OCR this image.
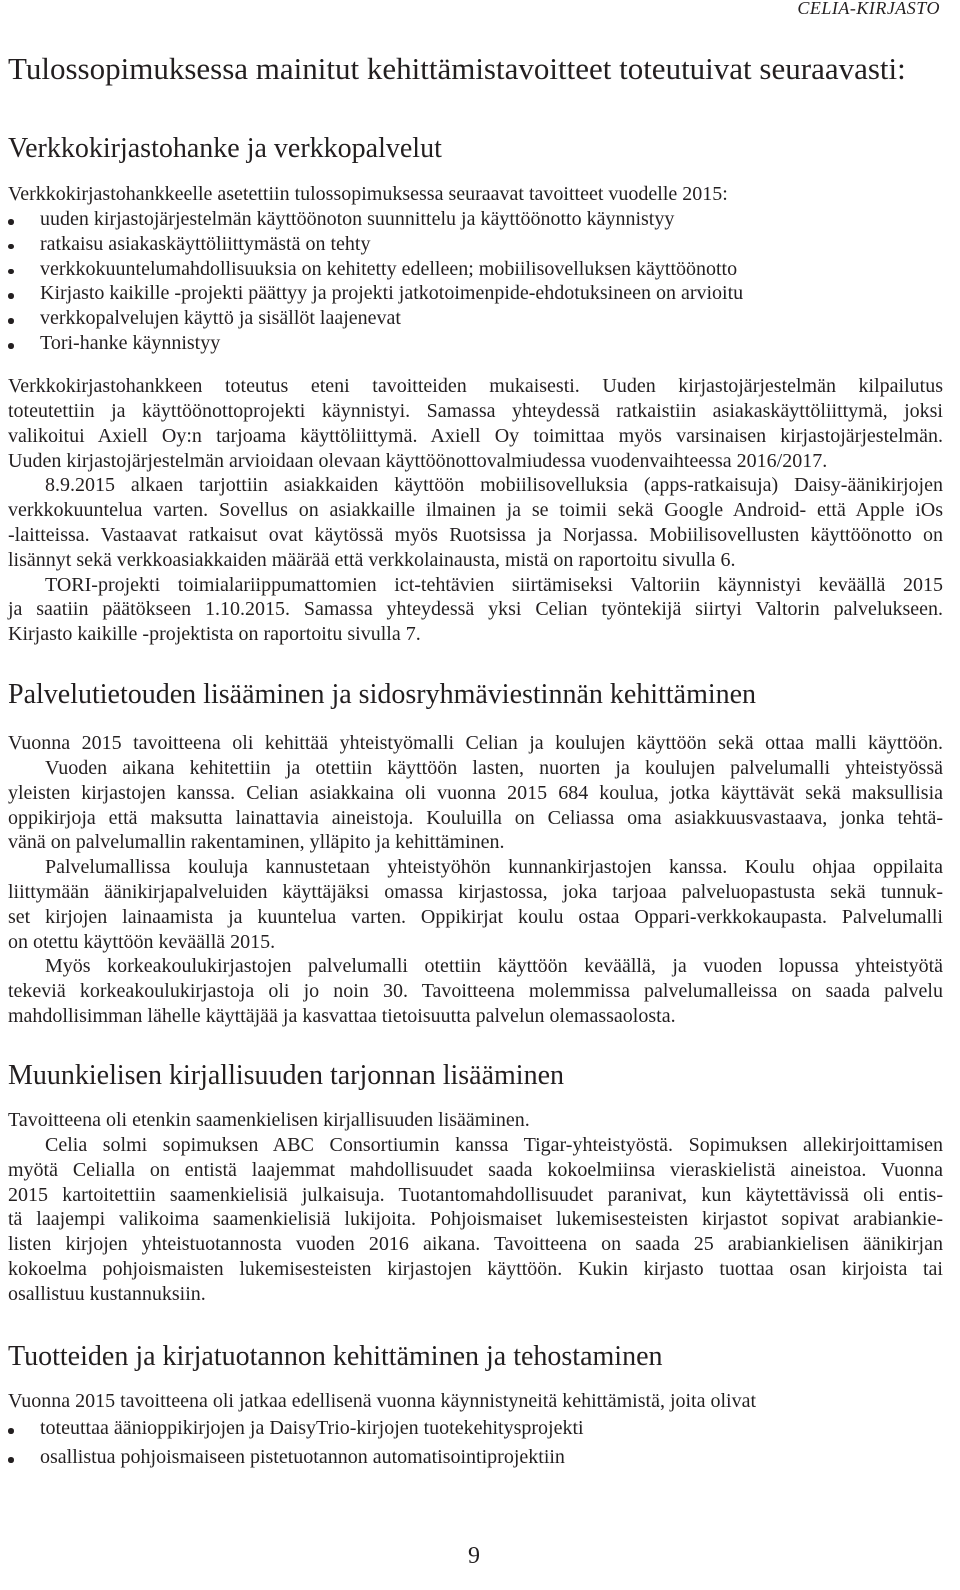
CELIA-KIRJASTO
Tulossopimuksessa mainitut kehittämistavoitteet toteutuivat seuraavasti:
Verkkokirjastohanke ja verkkopalvelut
Verkkokirjastohankkeelle asetettiin tulossopimuksessa seuraavat tavoitteet vuodelle 2015:
uuden kirjastojärjestelmän käyttöönoton suunnittelu ja käyttöönotto käynnistyy
ratkaisu asiakaskäyttöliittymästä on tehty
verkkokuuntelumahdollisuuksia on kehitetty edelleen; mobiilisovelluksen käyttöönotto
Kirjasto kaikille -projekti päättyy ja projekti jatkotoimenpide-ehdotuksineen on arvioitu
verkkopalvelujen käyttö ja sisällöt laajenevat
Tori-hanke käynnistyy
Verkkokirjastohankkeen toteutus eteni tavoitteiden mukaisesti. Uuden kirjastojärjestelmän kilpailutus
toteutettiin ja käyttöönottoprojekti käynnistyi. Samassa yhteydessä ratkaistiin asiakaskäyttöliittymä, joksi
valikoitui Axiell Oy:n tarjoama käyttöliittymä. Axiell Oy toimittaa myös varsinaisen kirjastojärjestelmän.
Uuden kirjastojärjestelmän arvioidaan olevaan käyttöönottovalmiudessa vuodenvaihteessa 2016/2017.
8.9.2015 alkaen tarjottiin asiakkaiden käyttöön mobiilisovelluksia (apps-ratkaisuja) Daisy-äänikirjojen
verkkokuuntelua varten. Sovellus on asiakkaille ilmainen ja se toimii sekä Google Android- että Apple iOs
-laitteissa. Vastaavat ratkaisut ovat käytössä myös Ruotsissa ja Norjassa. Mobiilisovellusten käyttöönotto on
lisännyt sekä verkkoasiakkaiden määrää että verkkolainausta, mistä on raportoitu sivulla 6.
TORI-projekti toimialariippumattomien ict-tehtävien siirtämiseksi Valtoriin käynnistyi keväällä 2015
ja saatiin päätökseen 1.10.2015. Samassa yhteydessä yksi Celian työntekijä siirtyi Valtorin palvelukseen.
Kirjasto kaikille -projektista on raportoitu sivulla 7.
Palvelutietouden lisääminen ja sidosryhmäviestinnän kehittäminen
Vuonna 2015 tavoitteena oli kehittää yhteistyömalli Celian ja koulujen käyttöön sekä ottaa malli käyttöön.
Vuoden aikana kehitettiin ja otettiin käyttöön lasten, nuorten ja koulujen palvelumalli yhteistyössä
yleisten kirjastojen kanssa. Celian asiakkaina oli vuonna 2015 684 koulua, jotka käyttävät sekä maksullisia
oppikirjoja että maksutta lainattavia aineistoja. Kouluilla on Celiassa oma asiakkuusvastaava, jonka tehtä-
vänä on palvelumallin rakentaminen, ylläpito ja kehittäminen.
Palvelumallissa kouluja kannustetaan yhteistyöhön kunnankirjastojen kanssa. Koulu ohjaa oppilaita
liittymään äänikirjapalveluiden käyttäjäksi omassa kirjastossa, joka tarjoaa palveluopastusta sekä tunnuk-
set kirjojen lainaamista ja kuuntelua varten. Oppikirjat koulu ostaa Oppari-verkkokaupasta. Palvelumalli
on otettu käyttöön keväällä 2015.
Myös korkeakoulukirjastojen palvelumalli otettiin käyttöön keväällä, ja vuoden lopussa yhteistyötä
tekeviä korkeakoulukirjastoja oli jo noin 30. Tavoitteena molemmissa palvelumalleissa on saada palvelu
mahdollisimman lähelle käyttäjää ja kasvattaa tietoisuutta palvelun olemassaolosta.
Muunkielisen kirjallisuuden tarjonnan lisääminen
Tavoitteena oli etenkin saamenkielisen kirjallisuuden lisääminen.
Celia solmi sopimuksen ABC Consortiumin kanssa Tigar-yhteistyöstä. Sopimuksen allekirjoittamisen
myötä Celialla on entistä laajemmat mahdollisuudet saada kokoelmiinsa vieraskielistä aineistoa. Vuonna
2015 kartoitettiin saamenkielisiä julkaisuja. Tuotantomahdollisuudet paranivat, kun käytettävissä oli entis-
tä laajempi valikoima saamenkielisiä lukijoita. Pohjoismaiset lukemisesteisten kirjastot sopivat arabiankie-
listen kirjojen yhteistuotannosta vuoden 2016 aikana. Tavoitteena on saada 25 arabiankielisen äänikirjan
kokoelma pohjoismaisten lukemisesteisten kirjastojen käyttöön. Kukin kirjasto tuottaa osan kirjoista tai
osallistuu kustannuksiin.
Tuotteiden ja kirjatuotannon kehittäminen ja tehostaminen
Vuonna 2015 tavoitteena oli jatkaa edellisenä vuonna käynnistyneitä kehittämistä, joita olivat
toteuttaa äänioppikirjojen ja DaisyTrio-kirjojen tuotekehitysprojekti
osallistua pohjoismaiseen pistetuotannon automatisointiprojektiin
9
